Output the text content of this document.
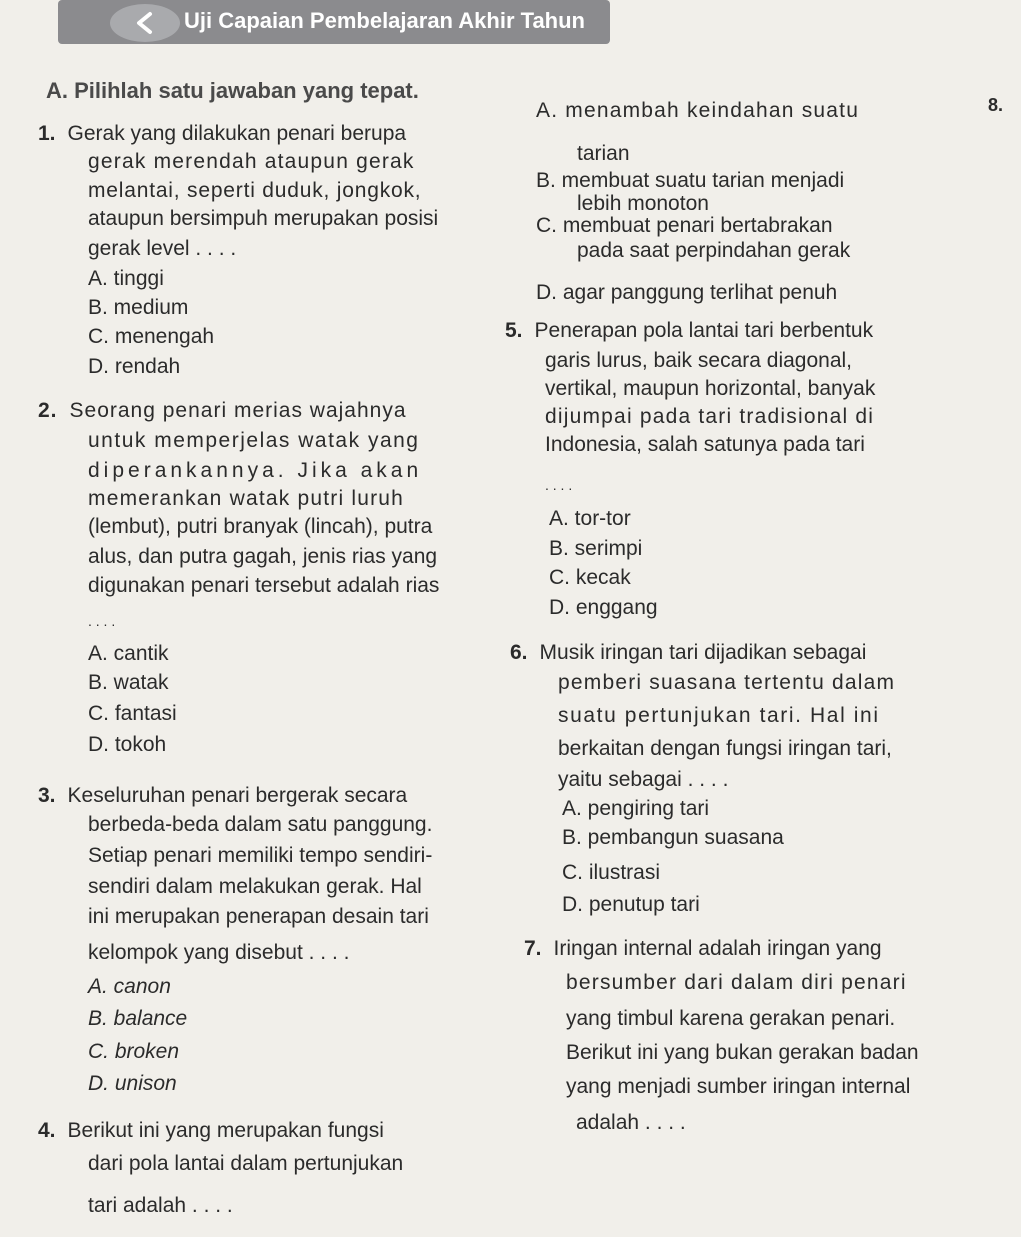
Uji Capaian Pembelajaran Akhir Tahun
A. Pilihlah satu jawaban yang tepat.
8.
1. Gerak yang dilakukan penari berupa
gerak merendah ataupun gerak
melantai, seperti duduk, jongkok,
ataupun bersimpuh merupakan posisi
gerak level . . . .
A. tinggi
B. medium
C. menengah
D. rendah
2. Seorang penari merias wajahnya
untuk memperjelas watak yang
diperankannya. Jika akan
memerankan watak putri luruh
(lembut), putri branyak (lincah), putra
alus, dan putra gagah, jenis rias yang
digunakan penari tersebut adalah rias
. . . .
A. cantik
B. watak
C. fantasi
D. tokoh
3. Keseluruhan penari bergerak secara
berbeda-beda dalam satu panggung.
Setiap penari memiliki tempo sendiri-
sendiri dalam melakukan gerak. Hal
ini merupakan penerapan desain tari
kelompok yang disebut . . . .
A. canon
B. balance
C. broken
D. unison
4. Berikut ini yang merupakan fungsi
dari pola lantai dalam pertunjukan
tari adalah . . . .
A. menambah keindahan suatu
tarian
B. membuat suatu tarian menjadi
lebih monoton
C. membuat penari bertabrakan
pada saat perpindahan gerak
D. agar panggung terlihat penuh
5. Penerapan pola lantai tari berbentuk
garis lurus, baik secara diagonal,
vertikal, maupun horizontal, banyak
dijumpai pada tari tradisional di
Indonesia, salah satunya pada tari
. . . .
A. tor-tor
B. serimpi
C. kecak
D. enggang
6. Musik iringan tari dijadikan sebagai
pemberi suasana tertentu dalam
suatu pertunjukan tari. Hal ini
berkaitan dengan fungsi iringan tari,
yaitu sebagai . . . .
A. pengiring tari
B. pembangun suasana
C. ilustrasi
D. penutup tari
7. Iringan internal adalah iringan yang
bersumber dari dalam diri penari
yang timbul karena gerakan penari.
Berikut ini yang bukan gerakan badan
yang menjadi sumber iringan internal
adalah . . . .
